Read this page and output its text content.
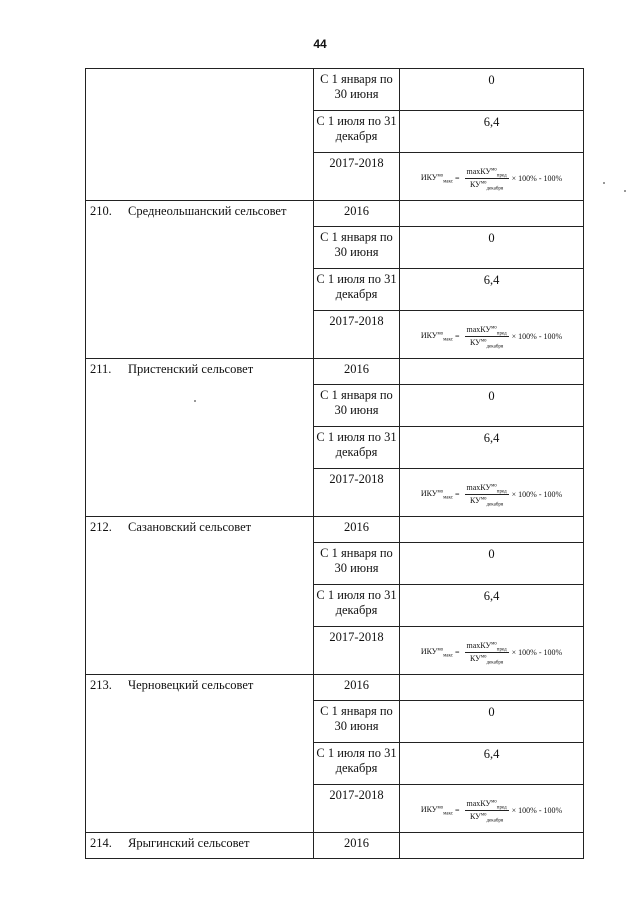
44
	С 1 января по 30 июня	0
	С 1 июля по 31 декабря	6,4
	2017-2018	$ИКУ^{мо}_{макс} = \frac{\max КУ^{мо}_{пред}}{КУ^{мо}_{декабря}} \times 100\% - 100\%$

210. Среднеольшанский сельсовет	2016	
	С 1 января по 30 июня	0
	С 1 июля по 31 декабря	6,4
	2017-2018	$ИКУ^{мо}_{макс} = \frac{\max КУ^{мо}_{пред}}{КУ^{мо}_{декабря}} \times 100\% - 100\%$

211. Пристенский сельсовет	2016	
	С 1 января по 30 июня	0
	С 1 июля по 31 декабря	6,4
	2017-2018	$ИКУ^{мо}_{макс} = \frac{\max КУ^{мо}_{пред}}{КУ^{мо}_{декабря}} \times 100\% - 100\%$

212. Сазановский сельсовет	2016	
	С 1 января по 30 июня	0
	С 1 июля по 31 декабря	6,4
	2017-2018	$ИКУ^{мо}_{макс} = \frac{\max КУ^{мо}_{пред}}{КУ^{мо}_{декабря}} \times 100\% - 100\%$

213. Черновецкий сельсовет	2016	
	С 1 января по 30 июня	0
	С 1 июля по 31 декабря	6,4
	2017-2018	$ИКУ^{мо}_{макс} = \frac{\max КУ^{мо}_{пред}}{КУ^{мо}_{декабря}} \times 100\% - 100\%$

214. Ярыгинский сельсовет	2016	
